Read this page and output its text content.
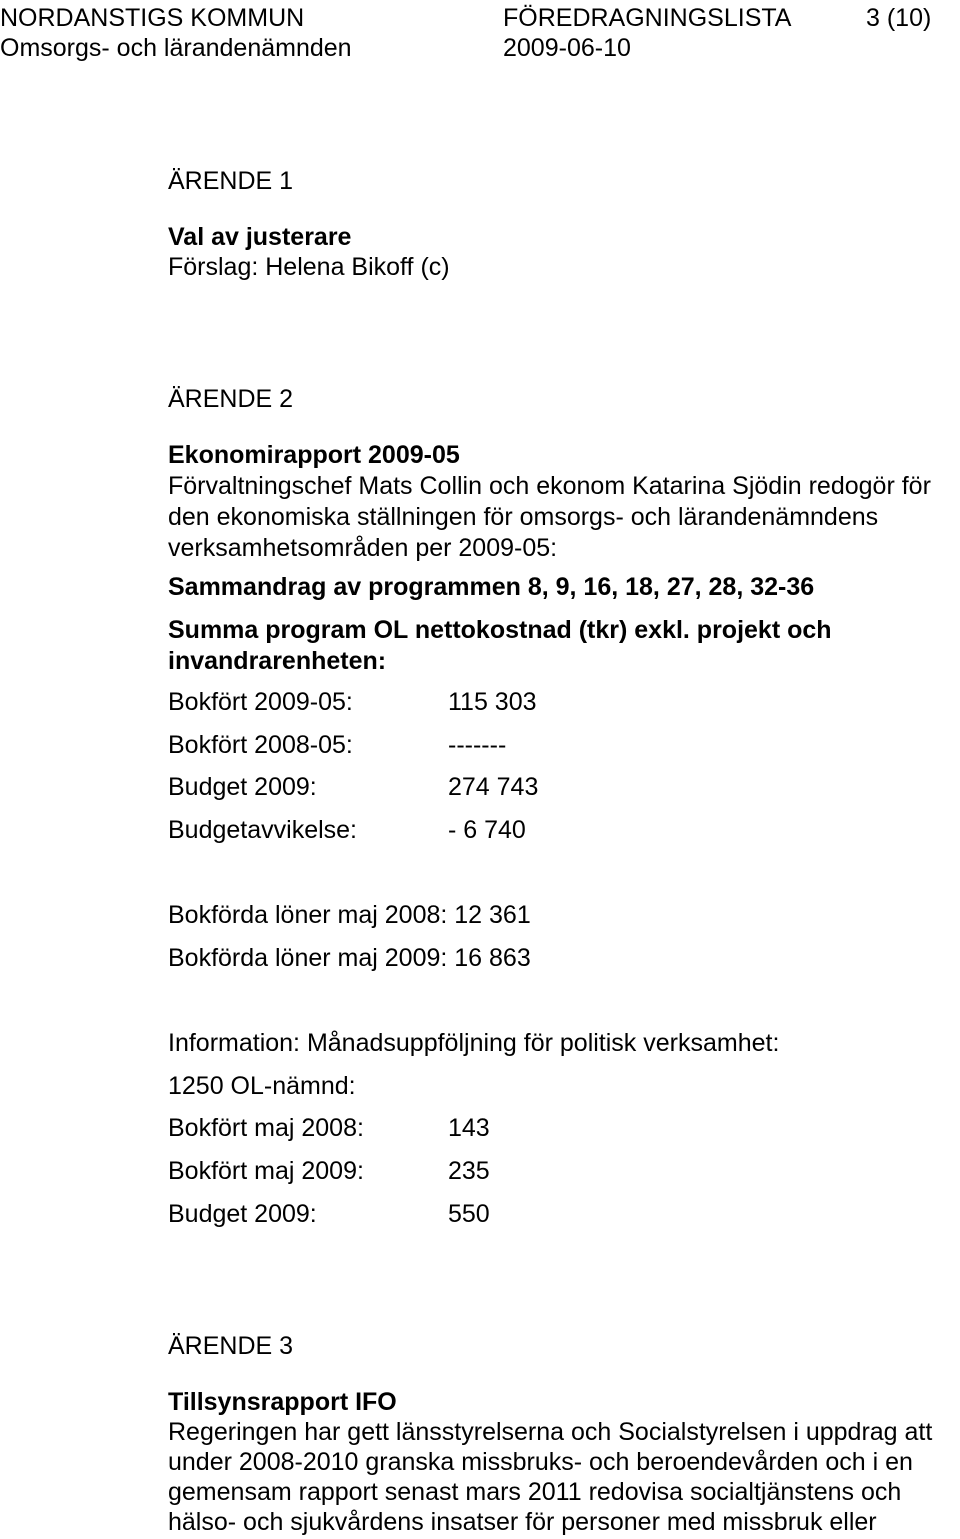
NORDANSTIGS KOMMUN	FÖREDRAGNINGSLISTA	3 (10)
Omsorgs- och lärandenämnden	2009-06-10
ÄRENDE 1
Val av justerare
Förslag: Helena Bikoff (c)
ÄRENDE 2
Ekonomirapport 2009-05
Förvaltningschef Mats Collin och ekonom Katarina Sjödin redogör för
den ekonomiska ställningen för omsorgs- och lärandenämndens
verksamhetsområden per 2009-05:
Sammandrag av programmen 8, 9, 16, 18, 27, 28, 32-36
Summa program OL nettokostnad (tkr) exkl. projekt och
invandrarenheten:
Bokfört 2009-05:	115 303
Bokfört 2008-05:	-------
Budget 2009:	274 743
Budgetavvikelse:	- 6 740
Bokförda löner maj 2008: 12 361
Bokförda löner maj 2009: 16 863
Information: Månadsuppföljning för politisk verksamhet:
1250 OL-nämnd:
Bokfört maj 2008:	143
Bokfört maj 2009:	235
Budget 2009:	550
ÄRENDE 3
Tillsynsrapport IFO
Regeringen har gett länsstyrelserna och Socialstyrelsen i uppdrag att
under 2008-2010 granska missbruks- och beroendevården och i en
gemensam rapport senast mars 2011 redovisa socialtjänstens och
hälso- och sjukvårdens insatser för personer med missbruk eller
